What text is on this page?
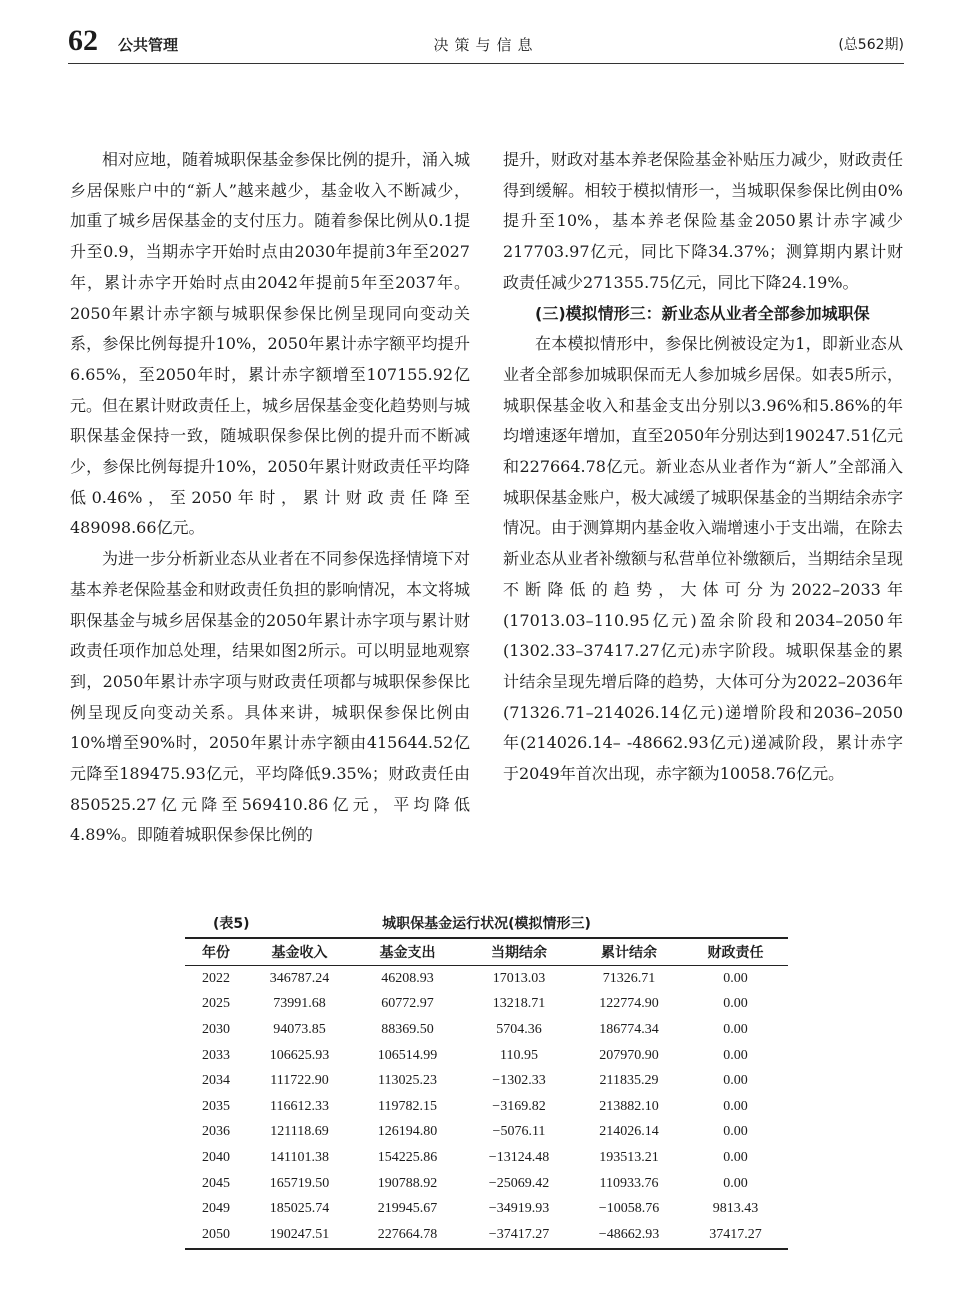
62 公共管理	决策与信息	(总562期)

相对应地，随着城职保基金参保比例的提升，涌入城乡居保账户中的“新人”越来越少，基金收入不断减少，加重了城乡居保基金的支付压力。随着参保比例从0.1提升至0.9，当期赤字开始时点由2030年提前3年至2027年，累计赤字开始时点由2042年提前5年至2037年。2050年累计赤字额与城职保参保比例呈现同向变动关系，参保比例每提升10%，2050年累计赤字额平均提升6.65%，至2050年时，累计赤字额增至107155.92亿元。但在累计财政责任上，城乡居保基金变化趋势则与城职保基金保持一致，随城职保参保比例的提升而不断减少，参保比例每提升10%，2050年累计财政责任平均降低0.46%，至2050年时，累计财政责任降至489098.66亿元。

为进一步分析新业态从业者在不同参保选择情境下对基本养老保险基金和财政责任负担的影响情况，本文将城职保基金与城乡居保基金的2050年累计赤字项与累计财政责任项作加总处理，结果如图2所示。可以明显地观察到，2050年累计赤字项与财政责任项都与城职保参保比例呈现反向变动关系。具体来讲，城职保参保比例由10%增至90%时，2050年累计赤字额由415644.52亿元降至189475.93亿元，平均降低9.35%；财政责任由850525.27亿元降至569410.86亿元，平均降低4.89%。即随着城职保参保比例的

提升，财政对基本养老保险基金补贴压力减少，财政责任得到缓解。相较于模拟情形一，当城职保参保比例由0%提升至10%，基本养老保险基金2050累计赤字减少217703.97亿元，同比下降34.37%；测算期内累计财政责任减少271355.75亿元，同比下降24.19%。

(三)模拟情形三：新业态从业者全部参加城职保

在本模拟情形中，参保比例被设定为1，即新业态从业者全部参加城职保而无人参加城乡居保。如表5所示，城职保基金收入和基金支出分别以3.96%和5.86%的年均增速逐年增加，直至2050年分别达到190247.51亿元和227664.78亿元。新业态从业者作为“新人”全部涌入城职保基金账户，极大减缓了城职保基金的当期结余赤字情况。由于测算期内基金收入端增速小于支出端，在除去新业态从业者补缴额与私营单位补缴额后，当期结余呈现不断降低的趋势，大体可分为2022–2033年(17013.03–110.95亿元)盈余阶段和2034–2050年(1302.33–37417.27亿元)赤字阶段。城职保基金的累计结余呈现先增后降的趋势，大体可分为2022–2036年(71326.71–214026.14亿元)递增阶段和2036–2050年(214026.14– -48662.93亿元)递减阶段，累计赤字于2049年首次出现，赤字额为10058.76亿元。

(表5)	城职保基金运行状况(模拟情形三)
年份	基金收入	基金支出	当期结余	累计结余	财政责任
2022	346787.24	46208.93	17013.03	71326.71	0.00
2025	73991.68	60772.97	13218.71	122774.90	0.00
2030	94073.85	88369.50	5704.36	186774.34	0.00
2033	106625.93	106514.99	110.95	207970.90	0.00
2034	111722.90	113025.23	−1302.33	211835.29	0.00
2035	116612.33	119782.15	−3169.82	213882.10	0.00
2036	121118.69	126194.80	−5076.11	214026.14	0.00
2040	141101.38	154225.86	−13124.48	193513.21	0.00
2045	165719.50	190788.92	−25069.42	110933.76	0.00
2049	185025.74	219945.67	−34919.93	−10058.76	9813.43
2050	190247.51	227664.78	−37417.27	−48662.93	37417.27
